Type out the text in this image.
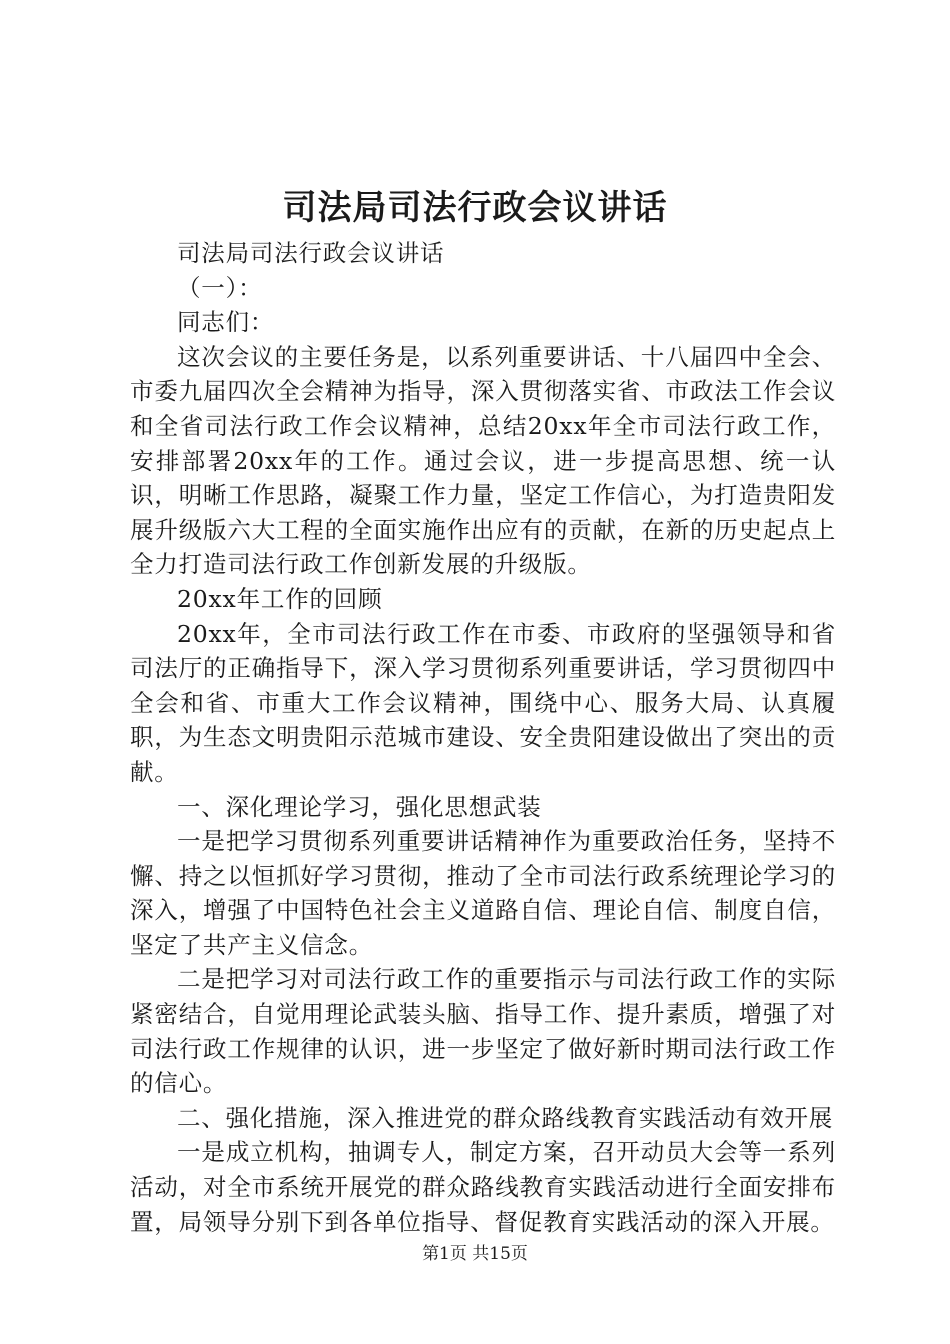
司法局司法行政会议讲话

司法局司法行政会议讲话

（一）：

同志们：

这次会议的主要任务是，以系列重要讲话、十八届四中全会、市委九届四次全会精神为指导，深入贯彻落实省、市政法工作会议和全省司法行政工作会议精神，总结20xx年全市司法行政工作，安排部署20xx年的工作。通过会议，进一步提高思想、统一认识，明晰工作思路，凝聚工作力量，坚定工作信心，为打造贵阳发展升级版六大工程的全面实施作出应有的贡献，在新的历史起点上全力打造司法行政工作创新发展的升级版。

20xx年工作的回顾

20xx年，全市司法行政工作在市委、市政府的坚强领导和省司法厅的正确指导下，深入学习贯彻系列重要讲话，学习贯彻四中全会和省、市重大工作会议精神，围绕中心、服务大局、认真履职，为生态文明贵阳示范城市建设、安全贵阳建设做出了突出的贡献。

一、深化理论学习，强化思想武装

一是把学习贯彻系列重要讲话精神作为重要政治任务，坚持不懈、持之以恒抓好学习贯彻，推动了全市司法行政系统理论学习的深入，增强了中国特色社会主义道路自信、理论自信、制度自信，坚定了共产主义信念。

二是把学习对司法行政工作的重要指示与司法行政工作的实际紧密结合，自觉用理论武装头脑、指导工作、提升素质，增强了对司法行政工作规律的认识，进一步坚定了做好新时期司法行政工作的信心。

二、强化措施，深入推进党的群众路线教育实践活动有效开展

一是成立机构，抽调专人，制定方案，召开动员大会等一系列活动，对全市系统开展党的群众路线教育实践活动进行全面安排布置，局领导分别下到各单位指导、督促教育实践活动的深入开展。

第1页 共15页
